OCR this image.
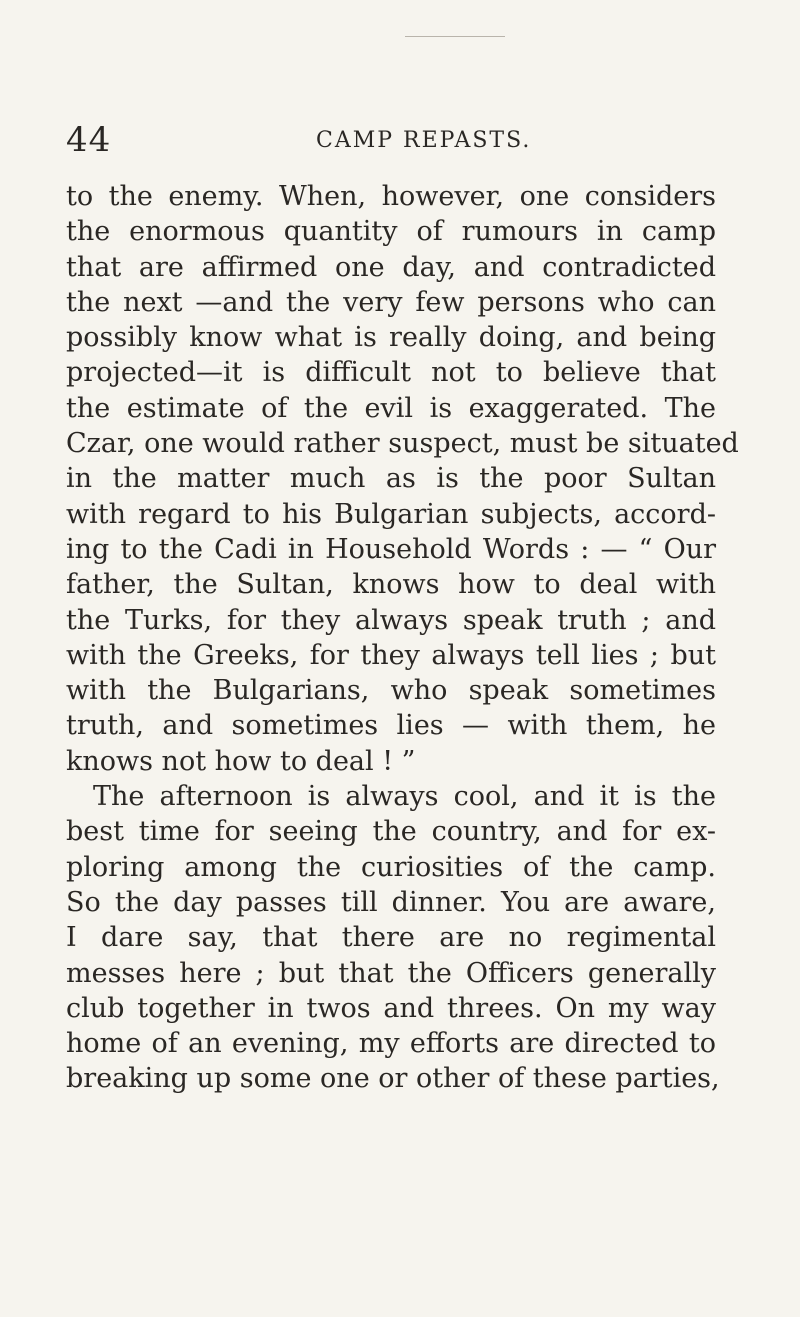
44	CAMP REPASTS.
to the enemy. When, however, one considers
the enormous quantity of rumours in camp
that are affirmed one day, and contradicted
the next —and the very few persons who can
possibly know what is really doing, and being
projected—it is difficult not to believe that
the estimate of the evil is exaggerated. The
Czar, one would rather suspect, must be situated
in the matter much as is the poor Sultan
with regard to his Bulgarian subjects, accord-
ing to the Cadi in Household Words : — “ Our
father, the Sultan, knows how to deal with
the Turks, for they always speak truth ; and
with the Greeks, for they always tell lies ; but
with the Bulgarians, who speak sometimes
truth, and sometimes lies — with them, he
knows not how to deal ! ”
The afternoon is always cool, and it is the
best time for seeing the country, and for ex-
ploring among the curiosities of the camp.
So the day passes till dinner. You are aware,
I dare say, that there are no regimental
messes here ; but that the Officers generally
club together in twos and threes. On my way
home of an evening, my efforts are directed to
breaking up some one or other of these parties,
